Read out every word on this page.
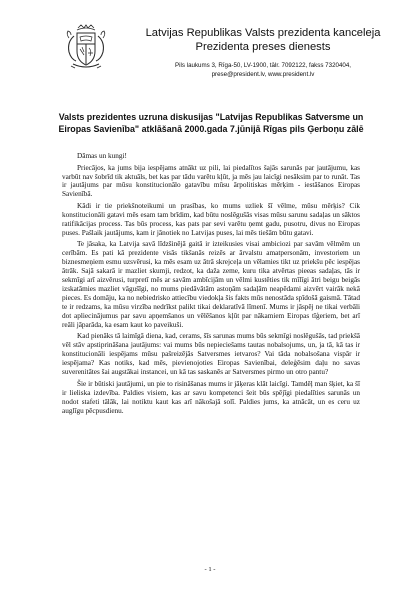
Latvijas Republikas Valsts prezidenta kanceleja
Prezidenta preses dienests
Pils laukums 3, Rīga-50, LV-1900, tālr. 7092122, fakss 7320404,
prese@president.lv, www.president.lv
Valsts prezidentes uzruna diskusijas "Latvijas Republikas Satversme un Eiropas Savienība" atklāšanā 2000.gada 7.jūnijā Rīgas pils Ģerboņu zālē

Dāmas un kungi!

Priecājos, ka jums bija iespējams atnākt uz pili, lai piedalītos šajās sarunās par jautājumu, kas varbūt nav šobrīd tik aktuāls, bet kas par tādu varētu kļūt, ja mēs jau laicīgi nesāksim par to runāt. Tas ir jautājums par mūsu konstitucionālo gatavību mūsu ārpolitiskas mērķim - iestāšanos Eiropas Savienībā.

Kādi ir tie priekšnoteikumi un prasības, ko mums uzliek šī vēlme, mūsu mērķis? Cik konstitucionāli gatavi mēs esam tam brīdim, kad būtu noslēgušās visas mūsu sarunu sadaļas un sāktos ratifikācijas process. Tas būs process, kas pats par sevi varētu ņemt gadu, pusotru, divus no Eiropas puses. Pašlaik jautājums, kam ir jānotiek no Latvijas puses, lai mēs tiešām būtu gatavi.

Te jāsaka, ka Latvija savā līdzšinējā gaitā ir izteikusies visai ambiciozi par savām vēlmēm un cerībām. Es pati kā prezidente visās tikšanās reizēs ar ārvalstu amatpersonām, investoriem un biznesmeņiem esmu uzsvērusi, ka mēs esam uz ātrā skrejceļa un vēlamies tikt uz priekšu pēc iespējas ātrāk. Sajā sakarā ir mazliet skumji, redzot, ka daža zeme, kuru tika atvērtas pieeas sadaļas, tās ir sekmīgi arī aizvērusi, turpretī mēs ar savām ambīcijām un vēlmi kustēties tik mīlīgi ātri beigu beigās izskatāmies mazliet vāgušīgi, no mums piedāvātām astoņām sadaļām neapēdami aizvērt vairāk nekā pieces. Es domāju, ka no nebiedrisko attiecību viedokļa šis fakts mūs nenostāda spīdošā gaismā. Tātad te ir redzams, ka mūsu virzība nedrīkst palikt tikai deklaratīvā līmenī. Mums ir jāspēj ne tikai verbāli dot apliecinājumus par savu apņemšanos un vēlēšanos kļūt par nākamiem Eiropas tīģeriem, bet arī reāli jāparāda, ka esam kaut ko paveikuši.

Kad pienāks tā laimīgā diena, kad, cerams, šīs sarunas mums būs sekmīgi noslēgušās, tad priekšā vēl stāv apstiprināšana jautājums: vai mums būs nepieciešams tautas nobalsojums, un, ja tā, kā tas ir konstitucionāli iespējams mūsu pašreizējās Satversmes ietvaros? Vai tāda nobalsošana vispār ir iespējama? Kas notiks, kad mēs, pievienojoties Eiropas Savienībai, deleģēsim daļu no savas suverenitātes šai augstākai instancei, un kā tas saskanēs ar Satversmes pirmo un otro pantu?

Šie ir būtiski jautājumi, un pie to risināšanas mums ir jāķeras klāt laicīgi. Tamdēļ man šķiet, ka šī ir lieliska izdevība. Paldies visiem, kas ar savu kompetenci šeit būs spējīgi piedalīties sarunās un nodot stafeti tālāk, lai notiktu kaut kas arī nākošajā solī. Paldies jums, ka atnācāt, un es ceru uz auglīgu pēcpusdienu.

- 1 -
